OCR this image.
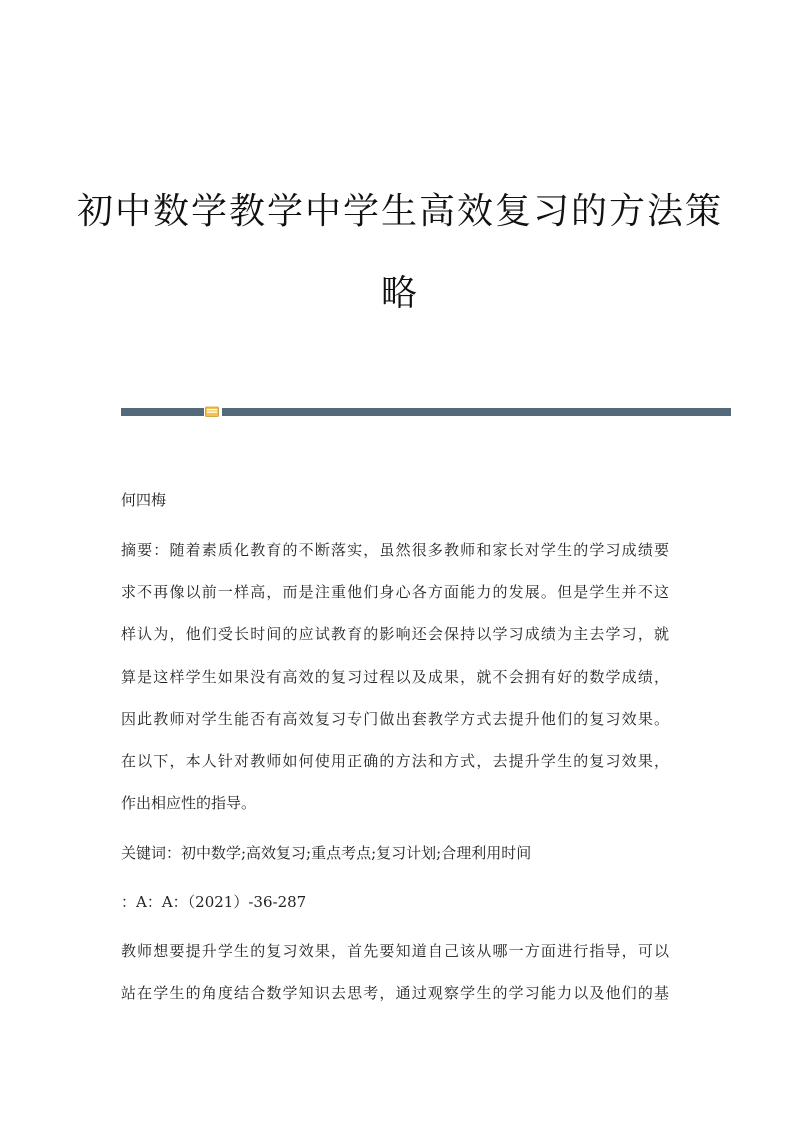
初中数学教学中学生高效复习的方法策
略
何四梅
摘要：随着素质化教育的不断落实，虽然很多教师和家长对学生的学习成绩要
求不再像以前一样高，而是注重他们身心各方面能力的发展。但是学生并不这
样认为，他们受长时间的应试教育的影响还会保持以学习成绩为主去学习，就
算是这样学生如果没有高效的复习过程以及成果，就不会拥有好的数学成绩，
因此教师对学生能否有高效复习专门做出套教学方式去提升他们的复习效果。
在以下，本人针对教师如何使用正确的方法和方式，去提升学生的复习效果，
作出相应性的指导。
关键词：初中数学;高效复习;重点考点;复习计划;合理利用时间
：A：A：（2021）-36-287
教师想要提升学生的复习效果，首先要知道自己该从哪一方面进行指导，可以
站在学生的角度结合数学知识去思考，通过观察学生的学习能力以及他们的基
